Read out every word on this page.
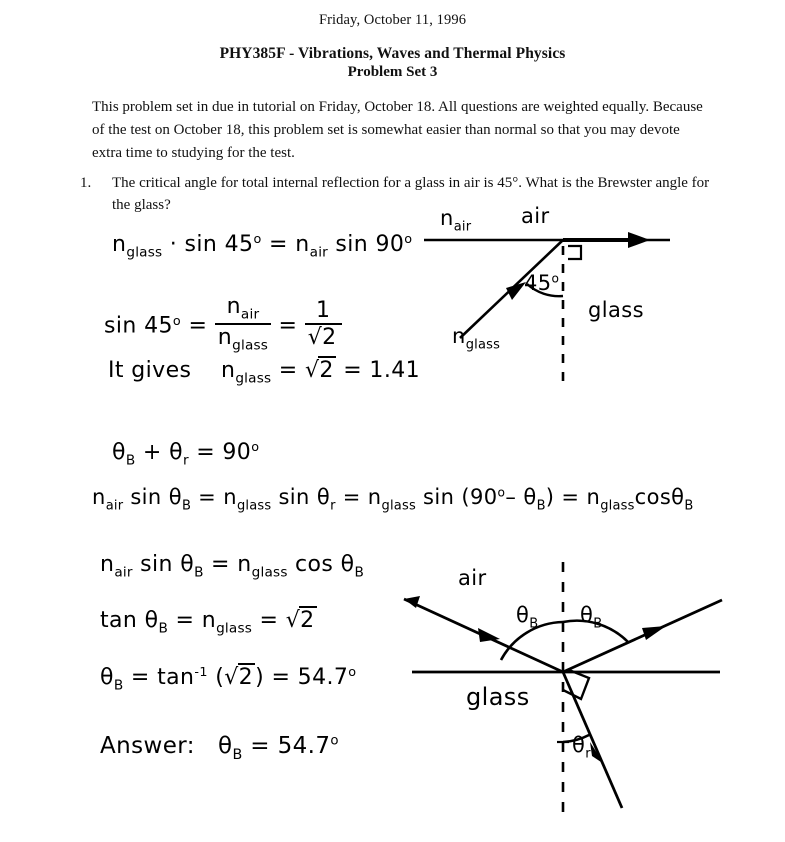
Friday, October 11, 1996
PHY385F - Vibrations, Waves and Thermal Physics
Problem Set 3
This problem set in due in tutorial on Friday, October 18. All questions are weighted equally. Because of the test on October 18, this problem set is somewhat easier than normal so that you may devote extra time to studying for the test.
1. The critical angle for total internal reflection for a glass in air is 45°. What is the Brewster angle for the glass?
$n_{glass} \cdot \sin 45^o = n_{air}$ sin 90$^o$
$\sin 45^o = \frac{n_{air}}{n_{glass}} = \frac{1}{√2}$
It gives $n_{glass} = √2 = 1.41$
$n_{air}$ air
45$^o$
$n_{glass}$
glass
$\theta_B + \theta_r = 90^o$
$n_{air}$ $\sin \theta_B = n_{glass}$ $\sin \theta_r = n_{glass}$ sin (90$^o$– $\theta_B) = n_{glass}\cos\theta_B$
$n_{air}$ $\sin \theta_B = n_{glass}$ $\cos \theta_B$
$\tan \theta_B = n_{glass} = √2$
$\theta_B = \tan^{-1} (√2) = 54.7^o$
Answer: $\theta_B = 54.7^o$
air
glass
$\theta_B$ $\theta_B$
$\theta_r$
